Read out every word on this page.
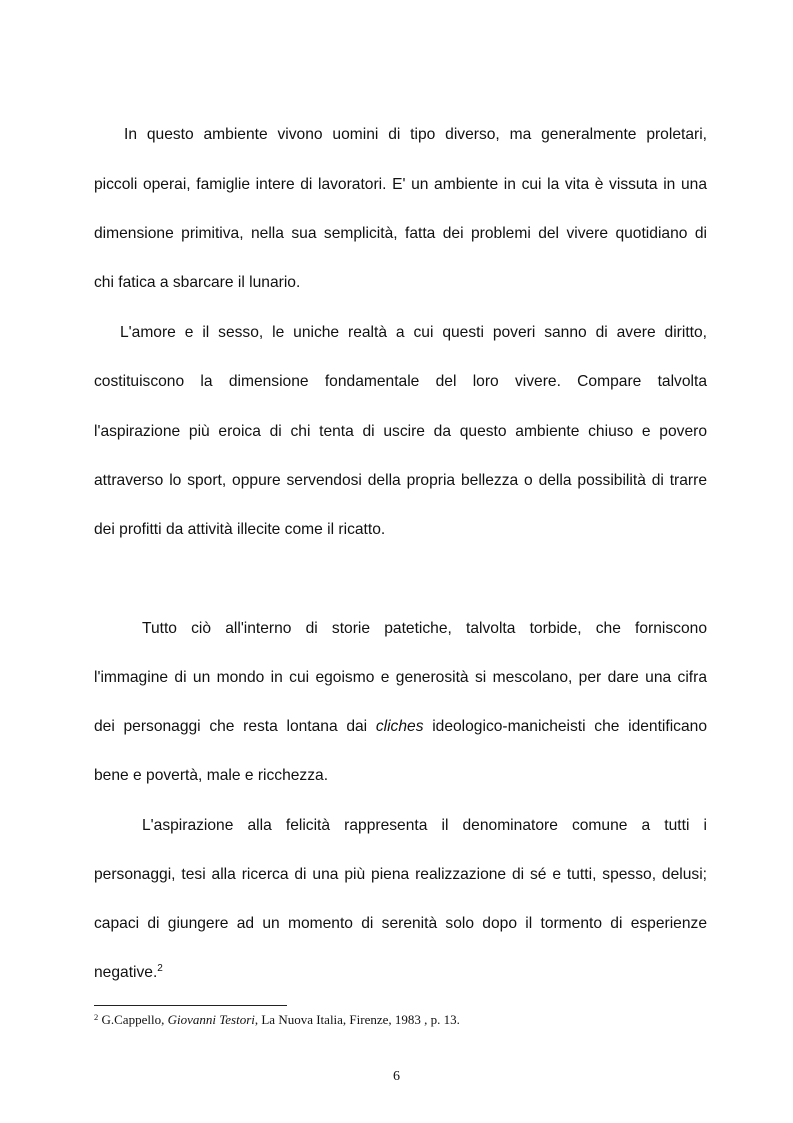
In questo ambiente vivono uomini di tipo diverso, ma generalmente proletari,
piccoli operai, famiglie intere di lavoratori. E' un ambiente in cui la vita è vissuta in una
dimensione primitiva, nella sua semplicità, fatta dei problemi del vivere quotidiano di
chi fatica a sbarcare il lunario.
L'amore e il sesso, le uniche realtà a cui questi poveri sanno di avere diritto,
costituiscono la dimensione fondamentale del loro vivere. Compare talvolta
l'aspirazione più eroica di chi tenta di uscire da questo ambiente chiuso e povero
attraverso lo sport, oppure servendosi della propria bellezza o della possibilità di trarre
dei profitti da attività illecite come il ricatto.
Tutto ciò all'interno di storie patetiche, talvolta torbide, che forniscono
l'immagine di un mondo in cui egoismo e generosità si mescolano, per dare una cifra
dei personaggi che resta lontana dai cliches ideologico-manicheisti che identificano
bene e povertà, male e ricchezza.
L'aspirazione alla felicità rappresenta il denominatore comune a tutti i
personaggi, tesi alla ricerca di una più piena realizzazione di sé e tutti, spesso, delusi;
capaci di giungere ad un momento di serenità solo dopo il tormento di esperienze
negative.$^2$
$^2$ G.Cappello, Giovanni Testori, La Nuova Italia, Firenze, 1983 , p. 13.
6
